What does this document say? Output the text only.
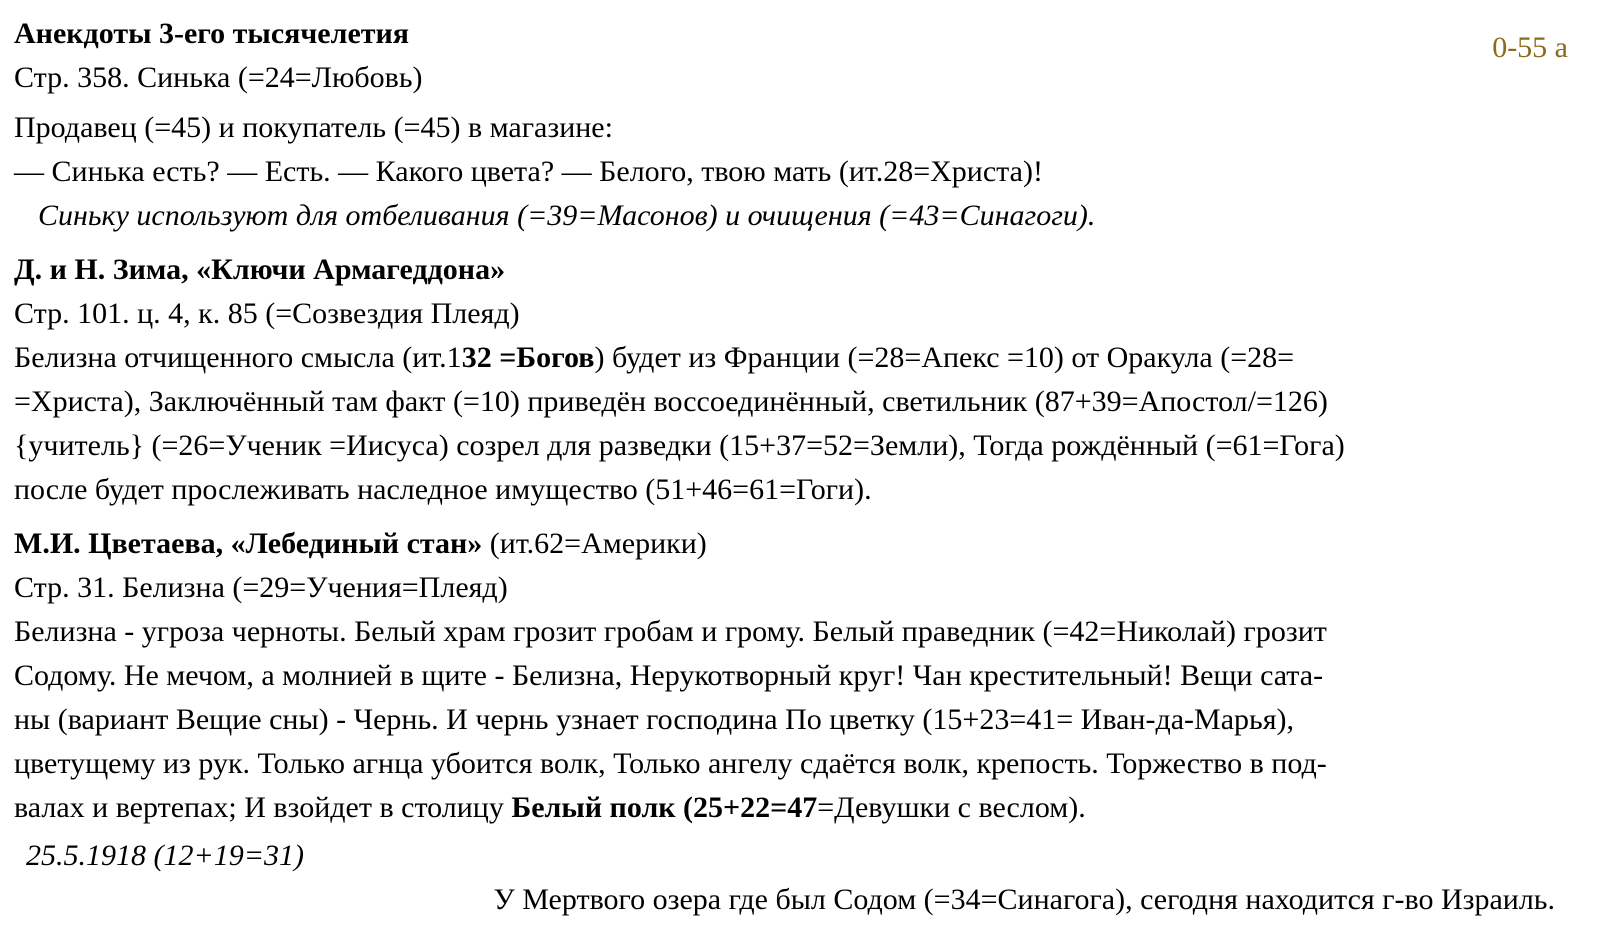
0-55 a
Анекдоты 3-его тысячелетия
Стр. 358. Синька (=24=Любовь)
Продавец (=45) и покупатель (=45) в магазине:
— Синька есть? — Есть. — Какого цвета? — Белого, твою мать (ит.28=Христа)!
Синьку используют для отбеливания (=39=Масонов) и очищения (=43=Синагоги).
Д. и Н. Зима, «Ключи Армагеддона»
Стр. 101. ц. 4, к. 85 (=Созвездия Плеяд)
Белизна отчищенного смысла (ит.132 =Богов) будет из Франции (=28=Апекс =10) от Оракула (=28=
=Христа), Заключённый там факт (=10) приведён воссоединённый, светильник (87+39=Апостол/=126)
{учитель} (=26=Ученик =Иисуса) созрел для разведки (15+37=52=Земли), Тогда рождённый (=61=Гога)
после будет прослеживать наследное имущество (51+46=61=Гоги).
М.И. Цветаева, «Лебединый стан» (ит.62=Америки)
Стр. 31. Белизна (=29=Учения=Плеяд)
Белизна - угроза черноты. Белый храм грозит гробам и грому. Белый праведник (=42=Николай) грозит
Содому. Не мечом, а молнией в щите - Белизна, Нерукотворный круг! Чан крестительный! Вещи сата-
ны (вариант Вещие сны) - Чернь. И чернь узнает господина По цветку (15+23=41= Иван-да-Марья),
цветущему из рук. Только агнца убоится волк, Только ангелу сдаётся волк, крепость. Торжество в под-
валах и вертепах; И взойдет в столицу Белый полк (25+22=47=Девушки с веслом).
25.5.1918 (12+19=31)
У Мертвого озера где был Содом (=34=Синагога), сегодня находится г-во Израиль.
